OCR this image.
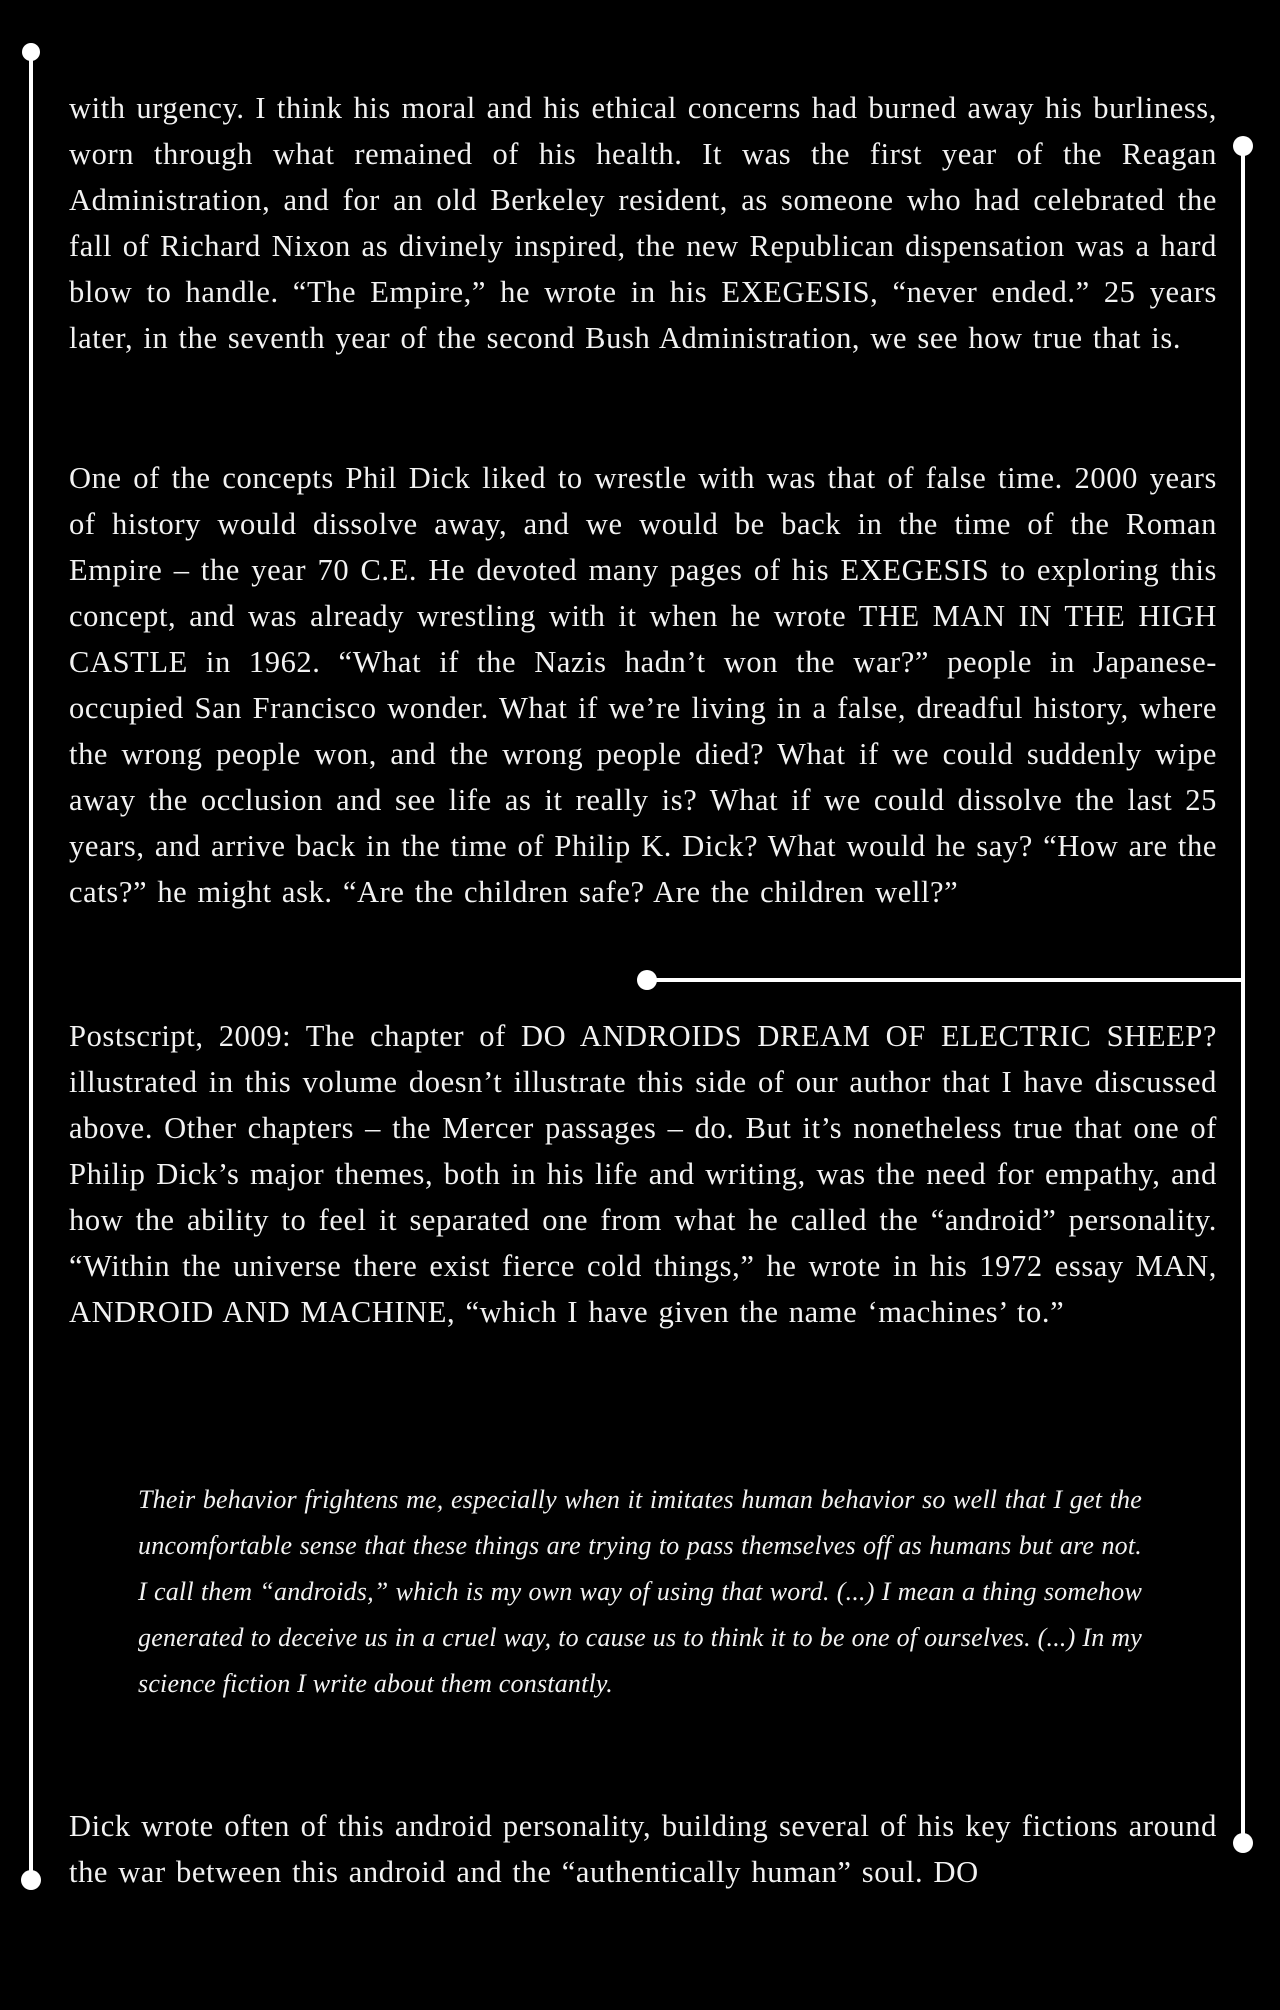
with urgency. I think his moral and his ethical concerns had burned away his burliness, worn through what remained of his health. It was the first year of the Reagan Administration, and for an old Berkeley resident, as someone who had celebrated the fall of Richard Nixon as divinely inspired, the new Republican dispensation was a hard blow to handle. “The Empire,” he wrote in his EXEGESIS, “never ended.” 25 years later, in the seventh year of the second Bush Administration, we see how true that is.

One of the concepts Phil Dick liked to wrestle with was that of false time. 2000 years of history would dissolve away, and we would be back in the time of the Roman Empire – the year 70 C.E. He devoted many pages of his EXEGESIS to exploring this concept, and was already wrestling with it when he wrote THE MAN IN THE HIGH CASTLE in 1962. “What if the Nazis hadn’t won the war?” people in Japanese-occupied San Francisco wonder. What if we’re living in a false, dreadful history, where the wrong people won, and the wrong people died? What if we could suddenly wipe away the occlusion and see life as it really is? What if we could dissolve the last 25 years, and arrive back in the time of Philip K. Dick? What would he say? “How are the cats?” he might ask. “Are the children safe? Are the children well?”

Postscript, 2009: The chapter of DO ANDROIDS DREAM OF ELECTRIC SHEEP? illustrated in this volume doesn’t illustrate this side of our author that I have discussed above. Other chapters – the Mercer passages – do. But it’s nonetheless true that one of Philip Dick’s major themes, both in his life and writing, was the need for empathy, and how the ability to feel it separated one from what he called the “android” personality. “Within the universe there exist fierce cold things,” he wrote in his 1972 essay MAN, ANDROID AND MACHINE, “which I have given the name ‘machines’ to.”

Their behavior frightens me, especially when it imitates human behavior so well that I get the uncomfortable sense that these things are trying to pass themselves off as humans but are not. I call them “androids,” which is my own way of using that word. (...) I mean a thing somehow generated to deceive us in a cruel way, to cause us to think it to be one of ourselves. (...) In my science fiction I write about them constantly.

Dick wrote often of this android personality, building several of his key fictions around the war between this android and the “authentically human” soul. DO
